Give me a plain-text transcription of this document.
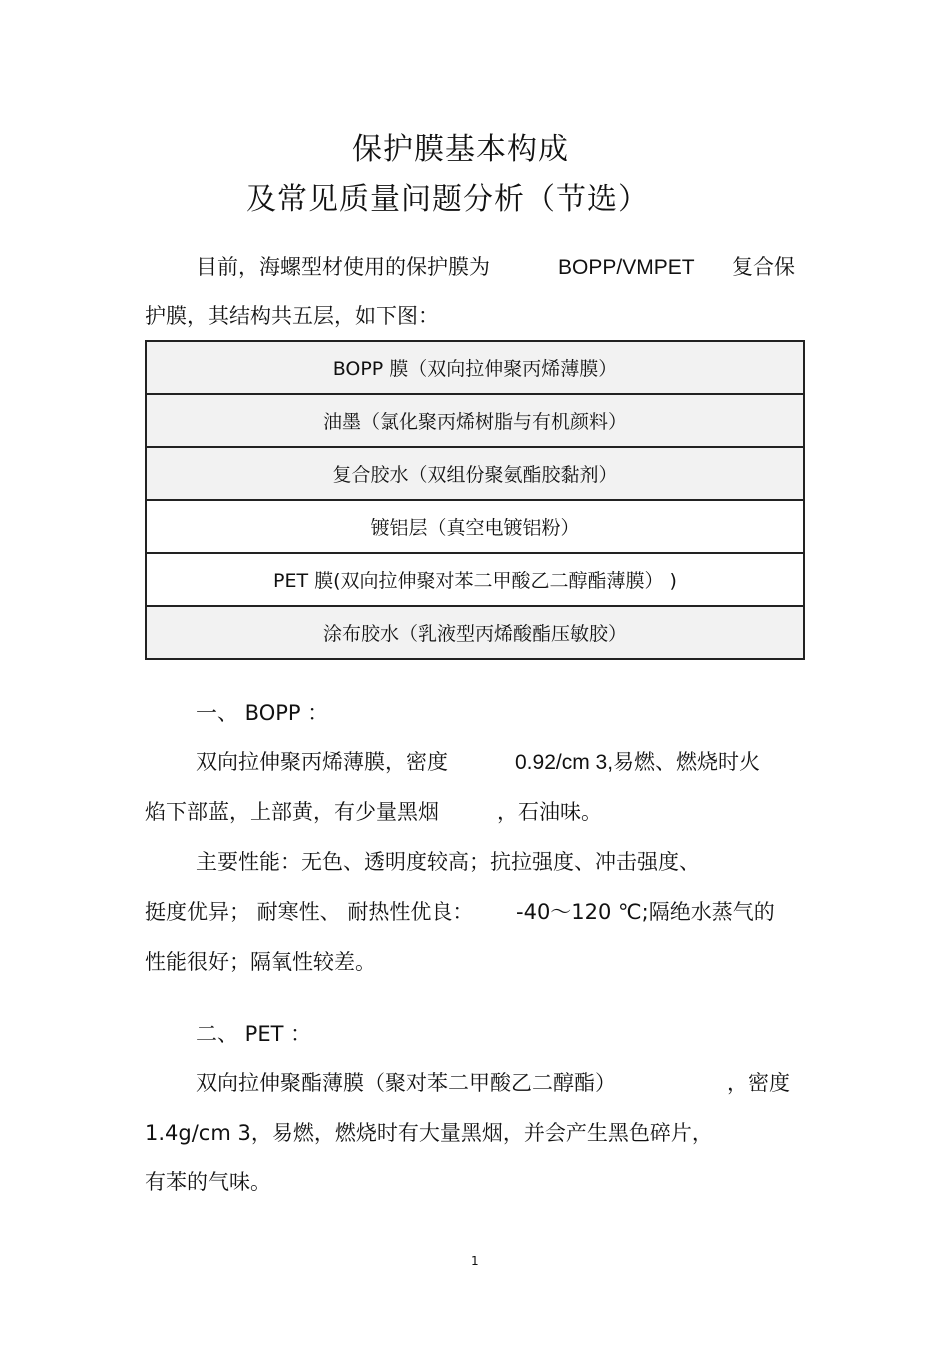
保护膜基本构成
及常见质量问题分析（节选）
目前，海螺型材使用的保护膜为	BOPP/VMPET 复合保
护膜，其结构共五层，如下图：
BOPP 膜（双向拉伸聚丙烯薄膜）
油墨（氯化聚丙烯树脂与有机颜料）
复合胶水（双组份聚氨酯胶黏剂）
镀铝层（真空电镀铝粉）
PET 膜(双向拉伸聚对苯二甲酸乙二醇酯薄膜） )
涂布胶水（乳液型丙烯酸酯压敏胶）
一、 BOPP ：
双向拉伸聚丙烯薄膜，密度	0.92/cm 3,易燃、燃烧时火
焰下部蓝，上部黄，有少量黑烟	，石油味。
主要性能：无色、透明度较高；抗拉强度、冲击强度、
挺度优异； 耐寒性、 耐热性优良： -40～120 ℃;隔绝水蒸气的
性能很好；隔氧性较差。
二、 PET ：
双向拉伸聚酯薄膜（聚对苯二甲酸乙二醇酯）	，密度
1.4g/cm 3，易燃，燃烧时有大量黑烟，并会产生黑色碎片，
有苯的气味。
1
